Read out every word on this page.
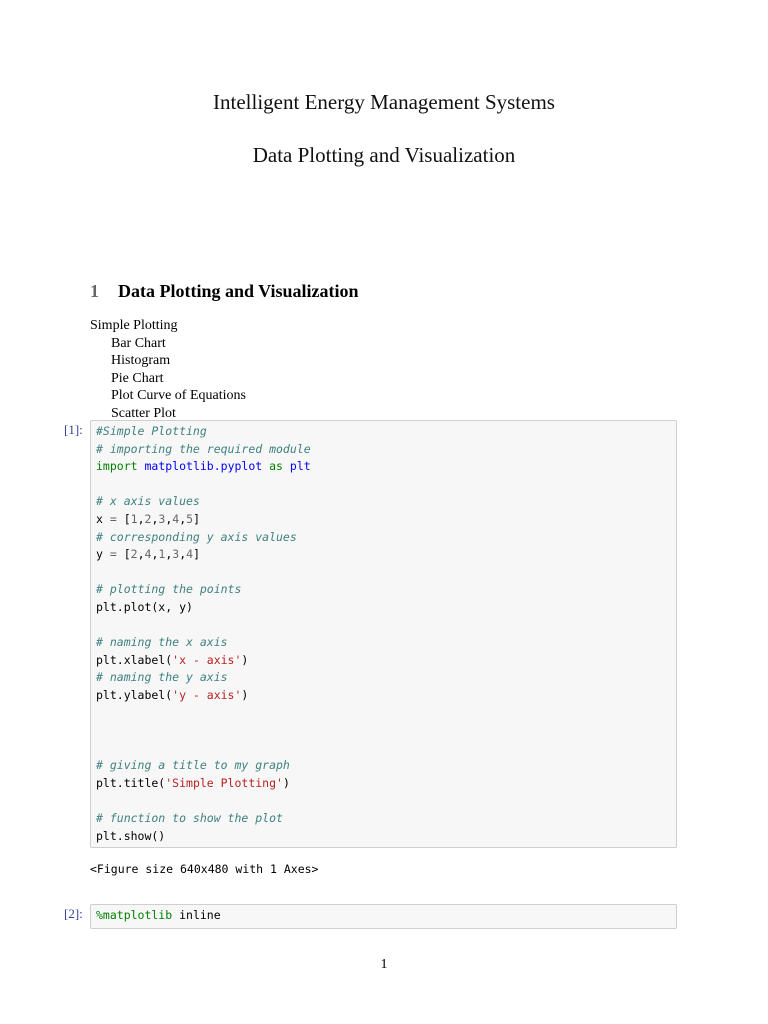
Intelligent Energy Management Systems
Data Plotting and Visualization
1 Data Plotting and Visualization
Simple Plotting
Bar Chart
Histogram
Pie Chart
Plot Curve of Equations
Scatter Plot
[1]: #Simple Plotting
# importing the required module
import matplotlib.pyplot as plt

# x axis values
x = [1,2,3,4,5]
# corresponding y axis values
y = [2,4,1,3,4]

# plotting the points
plt.plot(x, y)

# naming the x axis
plt.xlabel('x - axis')
# naming the y axis
plt.ylabel('y - axis')

# giving a title to my graph
plt.title('Simple Plotting')

# function to show the plot
plt.show()
<Figure size 640x480 with 1 Axes>
[2]: %matplotlib inline
1
